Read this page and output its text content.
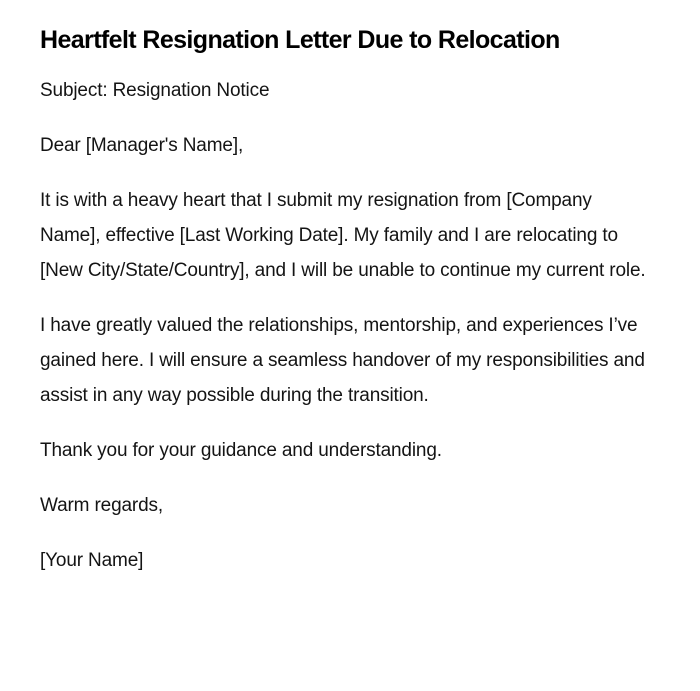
Heartfelt Resignation Letter Due to Relocation

Subject: Resignation Notice

Dear [Manager's Name],

It is with a heavy heart that I submit my resignation from [Company Name], effective [Last Working Date]. My family and I are relocating to [New City/State/Country], and I will be unable to continue my current role.

I have greatly valued the relationships, mentorship, and experiences I’ve gained here. I will ensure a seamless handover of my responsibilities and assist in any way possible during the transition.

Thank you for your guidance and understanding.

Warm regards,

[Your Name]
